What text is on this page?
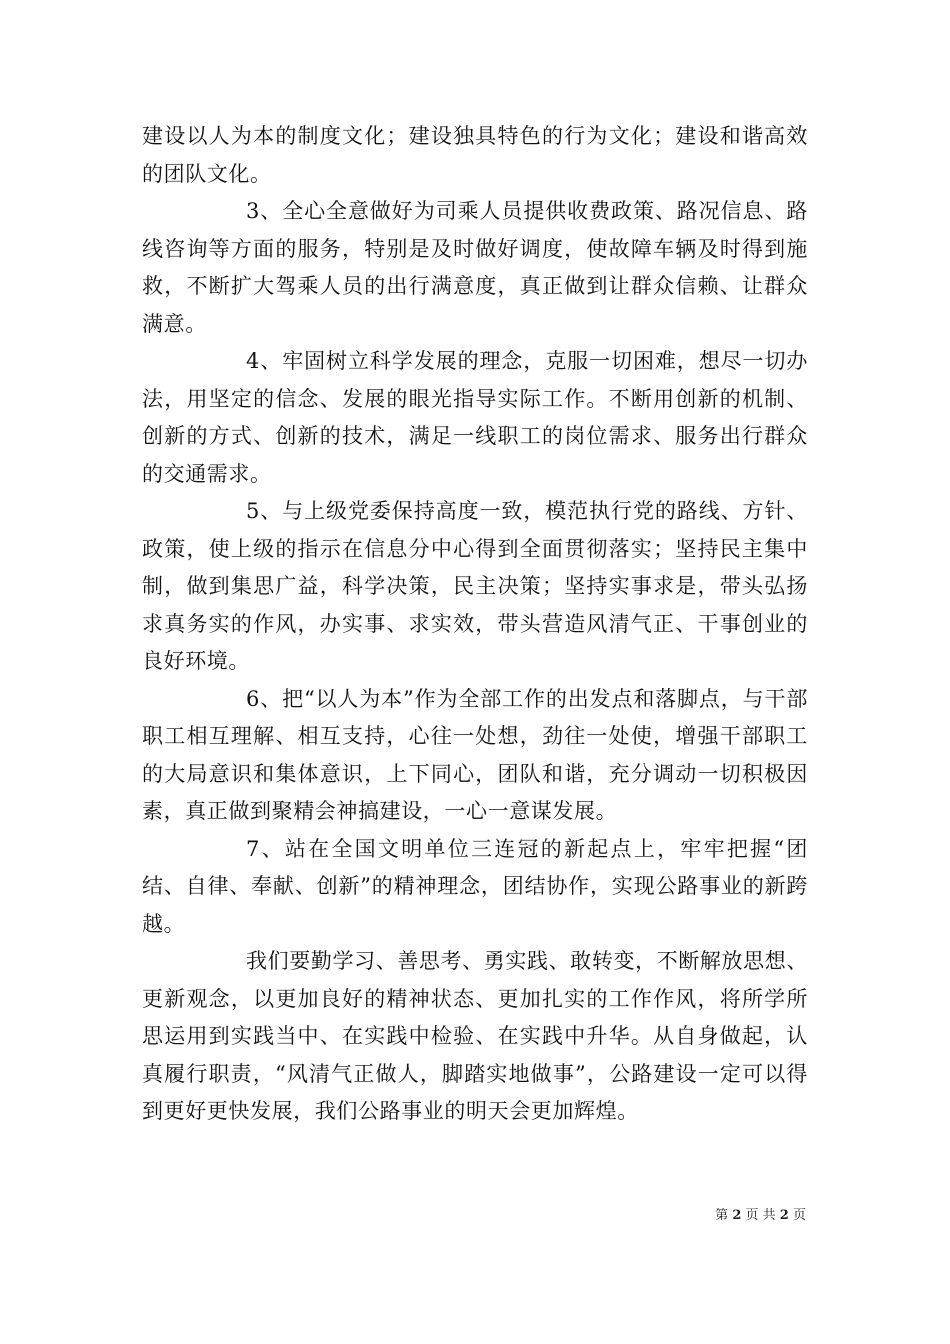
建设以人为本的制度文化；建设独具特色的行为文化；建设和谐高效的团队文化。

3、全心全意做好为司乘人员提供收费政策、路况信息、路线咨询等方面的服务，特别是及时做好调度，使故障车辆及时得到施救，不断扩大驾乘人员的出行满意度，真正做到让群众信赖、让群众满意。

4、牢固树立科学发展的理念，克服一切困难，想尽一切办法，用坚定的信念、发展的眼光指导实际工作。不断用创新的机制、创新的方式、创新的技术，满足一线职工的岗位需求、服务出行群众的交通需求。

5、与上级党委保持高度一致，模范执行党的路线、方针、政策，使上级的指示在信息分中心得到全面贯彻落实；坚持民主集中制，做到集思广益，科学决策，民主决策；坚持实事求是，带头弘扬求真务实的作风，办实事、求实效，带头营造风清气正、干事创业的良好环境。

6、把“以人为本”作为全部工作的出发点和落脚点，与干部职工相互理解、相互支持，心往一处想，劲往一处使，增强干部职工的大局意识和集体意识，上下同心，团队和谐，充分调动一切积极因素，真正做到聚精会神搞建设，一心一意谋发展。

7、站在全国文明单位三连冠的新起点上，牢牢把握“团结、自律、奉献、创新”的精神理念，团结协作，实现公路事业的新跨越。

我们要勤学习、善思考、勇实践、敢转变，不断解放思想、更新观念，以更加良好的精神状态、更加扎实的工作作风，将所学所思运用到实践当中、在实践中检验、在实践中升华。从自身做起，认真履行职责，“风清气正做人，脚踏实地做事”，公路建设一定可以得到更好更快发展，我们公路事业的明天会更加辉煌。

第 2 页 共 2 页
